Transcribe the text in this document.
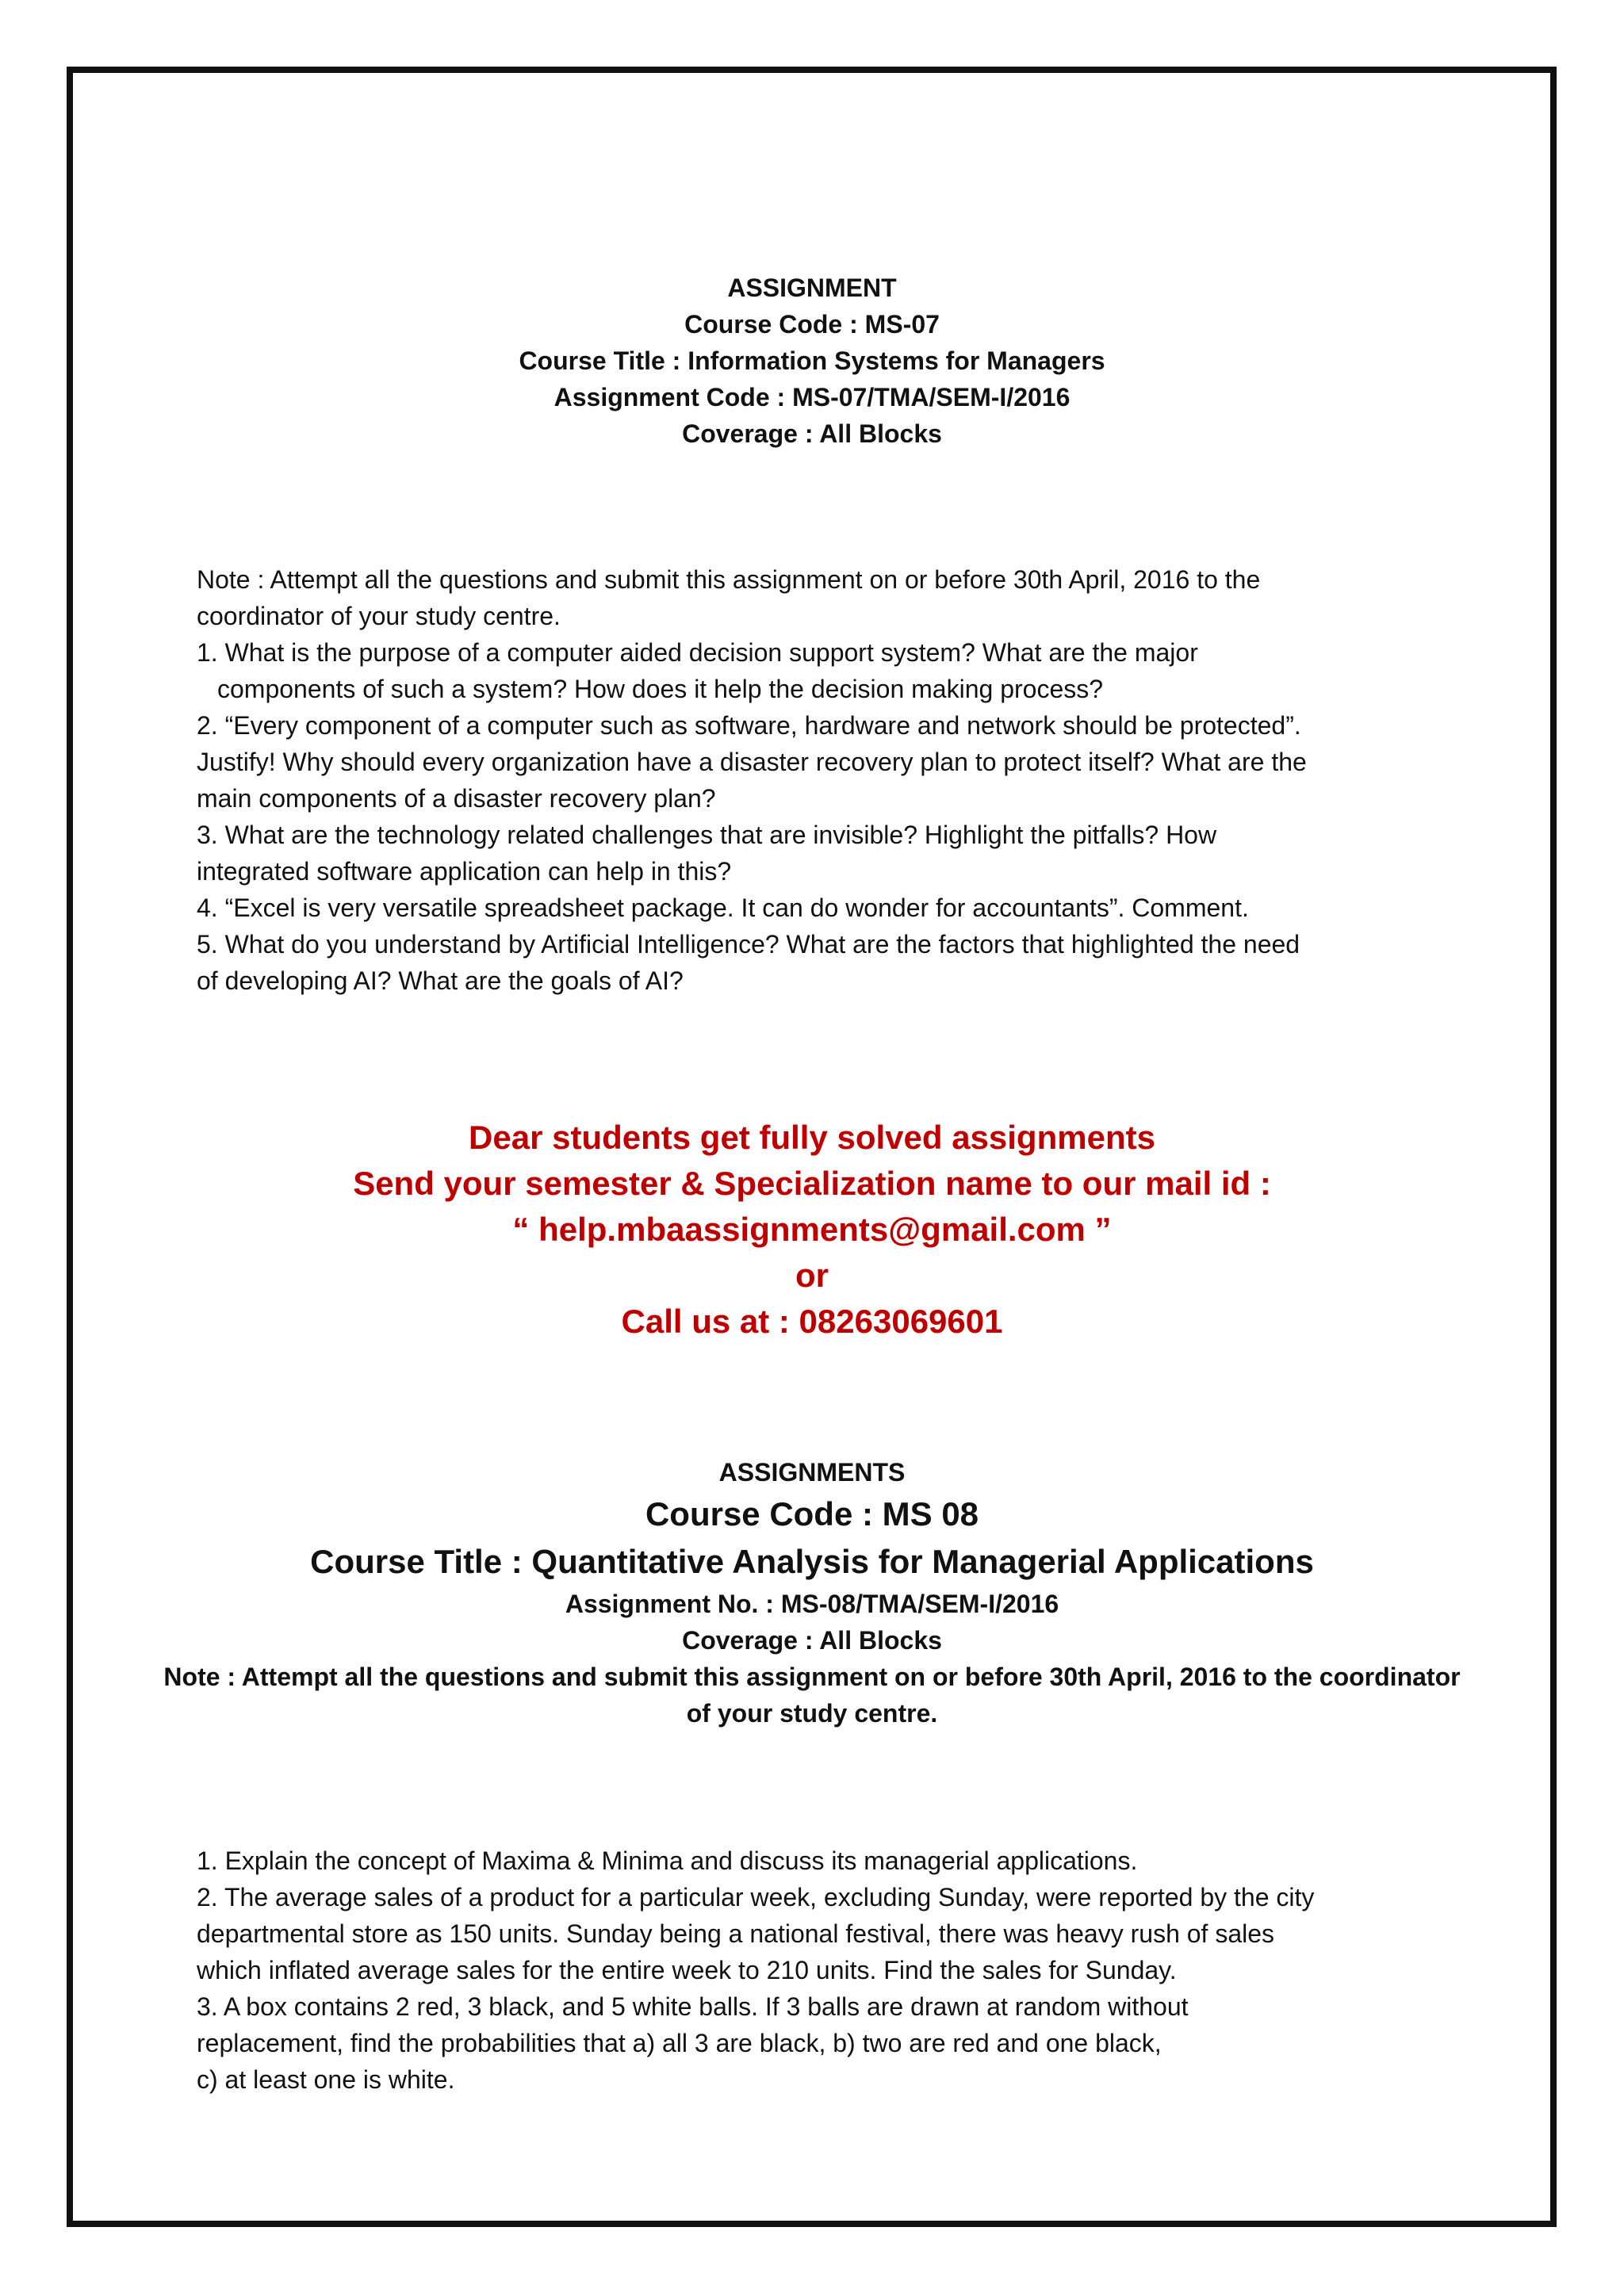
ASSIGNMENT
Course Code : MS-07
Course Title : Information Systems for Managers
Assignment Code : MS-07/TMA/SEM-I/2016
Coverage : All Blocks

Note : Attempt all the questions and submit this assignment on or before 30th April, 2016 to the

coordinator of your study centre.

1. What is the purpose of a computer aided decision support system? What are the major

components of such a system? How does it help the decision making process?

2. “Every component of a computer such as software, hardware and network should be protected”.

Justify! Why should every organization have a disaster recovery plan to protect itself? What are the

main components of a disaster recovery plan?

3. What are the technology related challenges that are invisible? Highlight the pitfalls? How

integrated software application can help in this?

4. “Excel is very versatile spreadsheet package. It can do wonder for accountants”. Comment.

5. What do you understand by Artificial Intelligence? What are the factors that highlighted the need

of developing AI? What are the goals of AI?

Dear students get fully solved assignments
Send your semester & Specialization name to our mail id :
“ help.mbaassignments@gmail.com ”
or
Call us at : 08263069601
ASSIGNMENTS
Course Code : MS 08
Course Title : Quantitative Analysis for Managerial Applications
Assignment No. : MS-08/TMA/SEM-I/2016
Coverage : All Blocks
Note : Attempt all the questions and submit this assignment on or before 30th April, 2016 to the coordinator of your study centre.

1. Explain the concept of Maxima & Minima and discuss its managerial applications.

2. The average sales of a product for a particular week, excluding Sunday, were reported by the city

departmental store as 150 units. Sunday being a national festival, there was heavy rush of sales

which inflated average sales for the entire week to 210 units. Find the sales for Sunday.

3. A box contains 2 red, 3 black, and 5 white balls. If 3 balls are drawn at random without

replacement, find the probabilities that a) all 3 are black, b) two are red and one black,

c) at least one is white.
